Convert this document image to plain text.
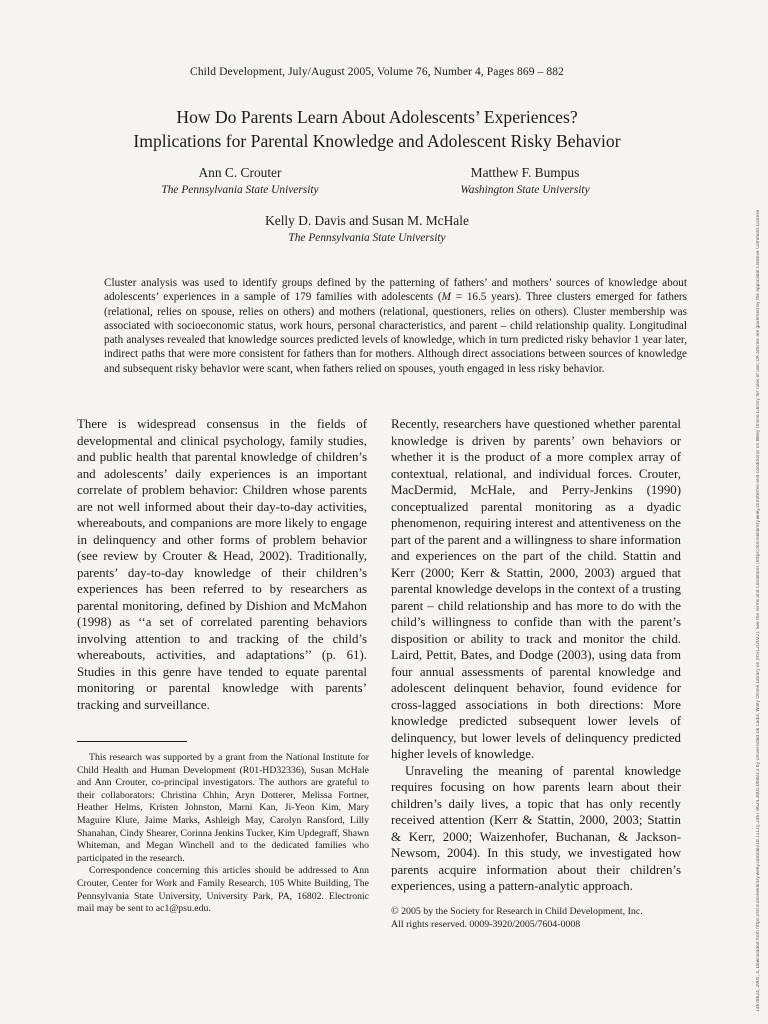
Child Development, July/August 2005, Volume 76, Number 4, Pages 869 – 882
How Do Parents Learn About Adolescents’ Experiences?
Implications for Parental Knowledge and Adolescent Risky Behavior
Ann C. Crouter
The Pennsylvania State University
Matthew F. Bumpus
Washington State University
Kelly D. Davis and Susan M. McHale
The Pennsylvania State University

Cluster analysis was used to identify groups defined by the patterning of fathers’ and mothers’ sources of knowledge about adolescents’ experiences in a sample of 179 families with adolescents (M = 16.5 years). Three clusters emerged for fathers (relational, relies on spouse, relies on others) and mothers (relational, questioners, relies on others). Cluster membership was associated with socioeconomic status, work hours, personal characteristics, and parent – child relationship quality. Longitudinal path analyses revealed that knowledge sources predicted levels of knowledge, which in turn predicted risky behavior 1 year later, indirect paths that were more consistent for fathers than for mothers. Although direct associations between sources of knowledge and subsequent risky behavior were scant, when fathers relied on spouses, youth engaged in less risky behavior.

There is widespread consensus in the fields of developmental and clinical psychology, family studies, and public health that parental knowledge of children’s and adolescents’ daily experiences is an important correlate of problem behavior: Children whose parents are not well informed about their day-to-day activities, whereabouts, and companions are more likely to engage in delinquency and other forms of problem behavior (see review by Crouter & Head, 2002). Traditionally, parents’ day-to-day knowledge of their children’s experiences has been referred to by researchers as parental monitoring, defined by Dishion and McMahon (1998) as ‘‘a set of correlated parenting behaviors involving attention to and tracking of the child’s whereabouts, activities, and adaptations’’ (p. 61). Studies in this genre have tended to equate parental monitoring or parental knowledge with parents’ tracking and surveillance.

Recently, researchers have questioned whether parental knowledge is driven by parents’ own behaviors or whether it is the product of a more complex array of contextual, relational, and individual forces. Crouter, MacDermid, McHale, and Perry-Jenkins (1990) conceptualized parental monitoring as a dyadic phenomenon, requiring interest and attentiveness on the part of the parent and a willingness to share information and experiences on the part of the child. Stattin and Kerr (2000; Kerr & Stattin, 2000, 2003) argued that parental knowledge develops in the context of a trusting parent – child relationship and has more to do with the child’s willingness to confide than with the parent’s disposition or ability to track and monitor the child. Laird, Pettit, Bates, and Dodge (2003), using data from four annual assessments of parental knowledge and adolescent delinquent behavior, found evidence for cross-lagged associations in both directions: More knowledge predicted subsequent lower levels of delinquency, but lower levels of delinquency predicted higher levels of knowledge.

Unraveling the meaning of parental knowledge requires focusing on how parents learn about their children’s daily lives, a topic that has only recently received attention (Kerr & Stattin, 2000, 2003; Stattin & Kerr, 2000; Waizenhofer, Buchanan, & Jackson-Newsom, 2004). In this study, we investigated how parents acquire information about their children’s experiences, using a pattern-analytic approach.

This research was supported by a grant from the National Institute for Child Health and Human Development (R01-HD32336), Susan McHale and Ann Crouter, co-principal investigators. The authors are grateful to their collaborators: Christina Chhin, Aryn Dotterer, Melissa Fortner, Heather Helms, Kristen Johnston, Marni Kan, Ji-Yeon Kim, Mary Maguire Klute, Jaime Marks, Ashleigh May, Carolyn Ransford, Lilly Shanahan, Cindy Shearer, Corinna Jenkins Tucker, Kim Updegraff, Shawn Whiteman, and Megan Winchell and to the dedicated families who participated in the research.

Correspondence concerning this articles should be addressed to Ann Crouter, Center for Work and Family Research, 105 White Building, The Pennsylvania State University, University Park, PA, 16802. Electronic mail may be sent to ac1@psu.edu.	© 2005 by the Society for Research in Child Development, Inc.
All rights reserved. 0009-3920/2005/7604-0008	14678624, 2005, 4, Downloaded from https://srcd.onlinelibrary.wiley.com/doi/10.1111/j.1467-8624.2005.00883.x by Universidad De Cadiz, Wiley Online Library on [05/12/2022]. See the Terms and Conditions (https://onlinelibrary.wiley.com/terms-and-conditions) on Wiley Online Library for rules of use; OA articles are governed by the applicable Creative Commons License
